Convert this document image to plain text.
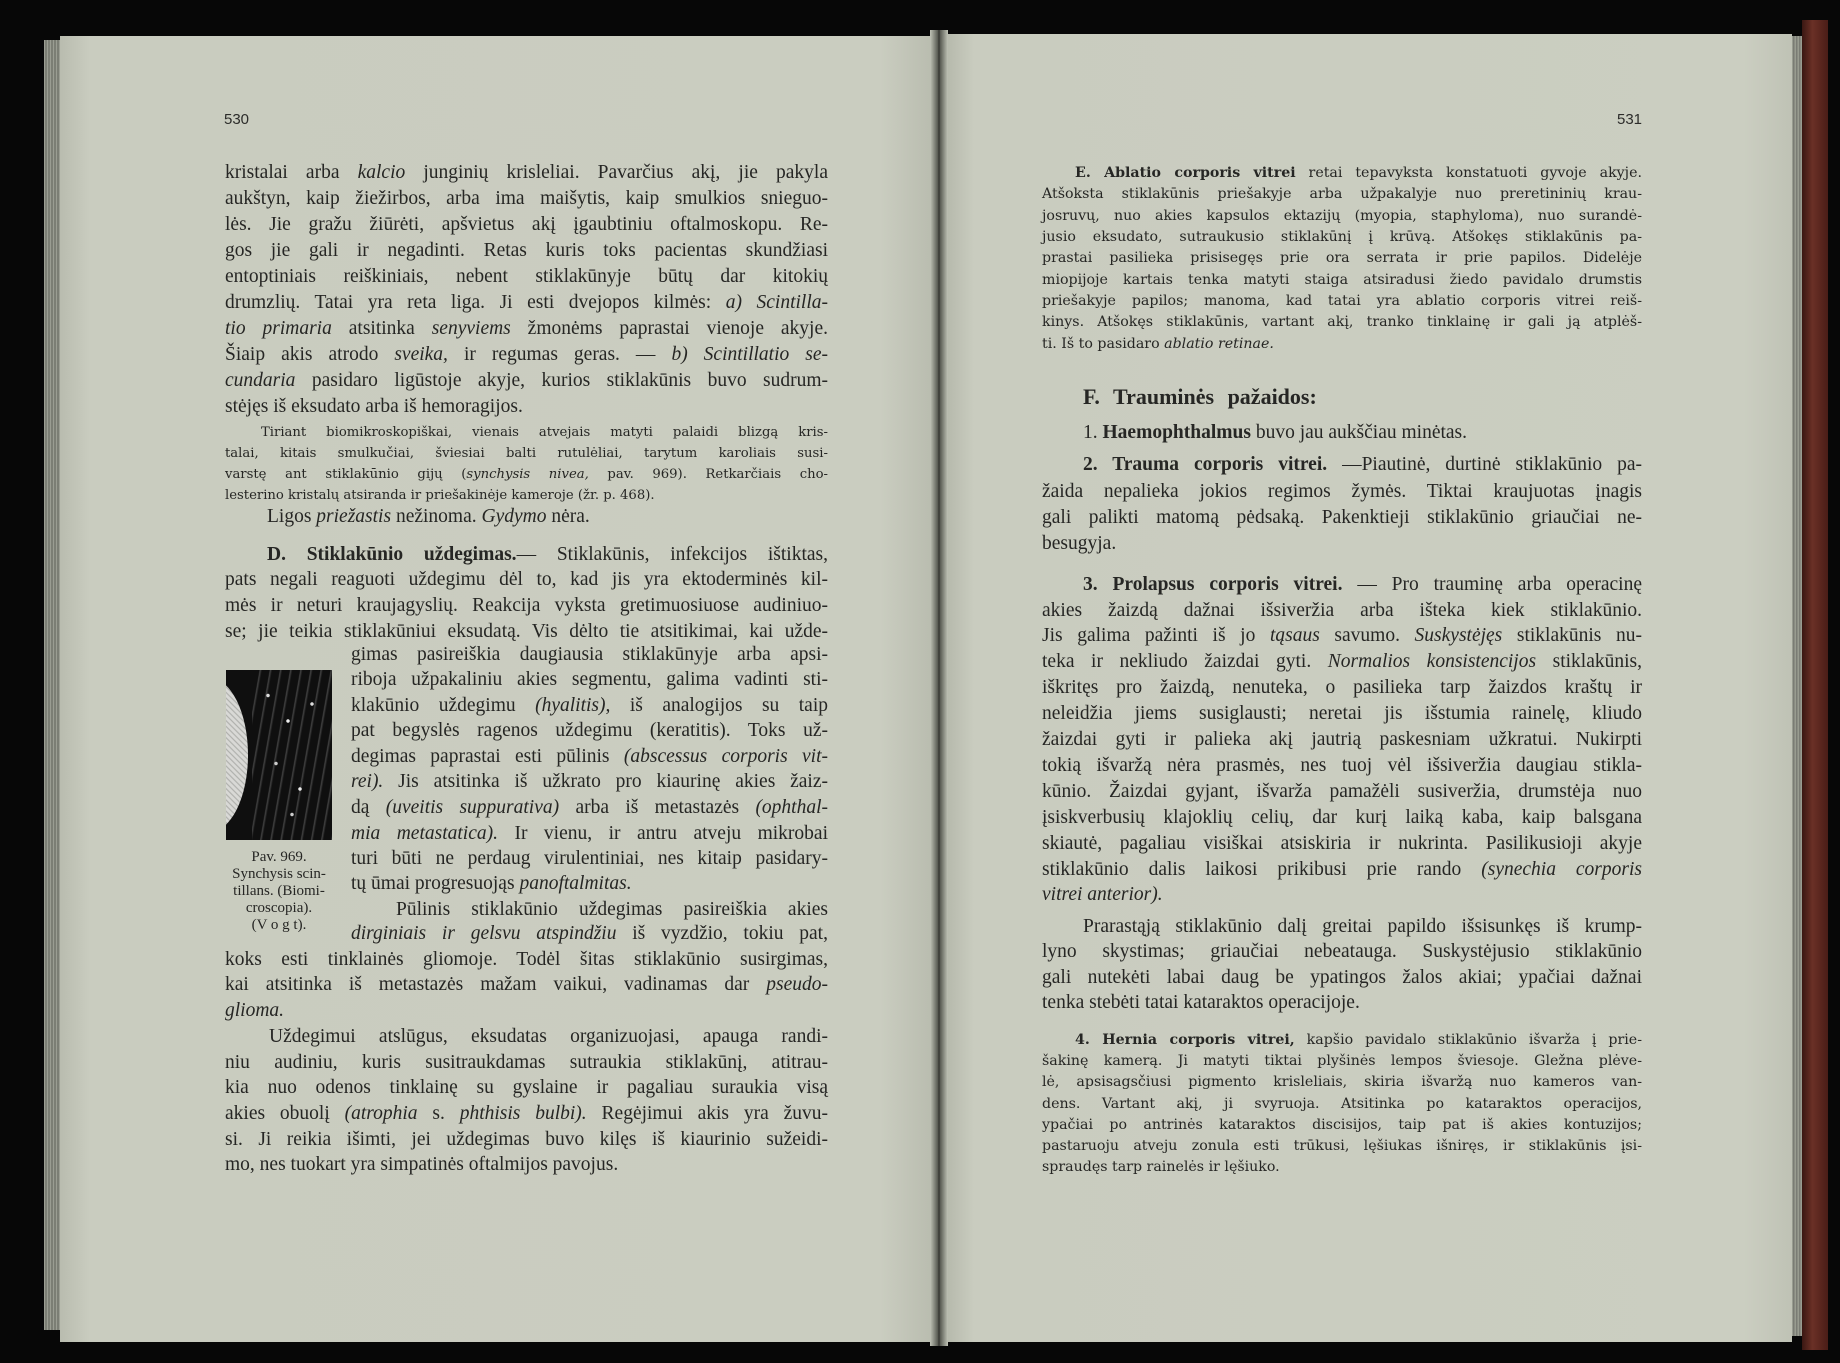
530	531
Pav. 969.
Synchysis scin-
tillans. (Biomi-
croscopia).
(V o g t).
kristalai arba kalcio junginių krisleliai. Pavarčius akį, jie pakyla
aukštyn, kaip žiežirbos, arba ima maišytis, kaip smulkios snieguo-
lės. Jie gražu žiūrėti, apšvietus akį įgaubtiniu oftalmoskopu. Re-
gos jie gali ir negadinti. Retas kuris toks pacientas skundžiasi
entoptiniais reiškiniais, nebent stiklakūnyje būtų dar kitokių
drumzlių. Tatai yra reta liga. Ji esti dvejopos kilmės: a) Scintilla-
tio primaria atsitinka senyviems žmonėms paprastai vienoje akyje.
Šiaip akis atrodo sveika, ir regumas geras. — b) Scintillatio se-
cundaria pasidaro ligūstoje akyje, kurios stiklakūnis buvo sudrum-
stėjęs iš eksudato arba iš hemoragijos.
Tiriant biomikroskopiškai, vienais atvejais matyti palaidi blizgą kris-
talai, kitais smulkučiai, šviesiai balti rutulėliai, tarytum karoliais susi-
varstę ant stiklakūnio gijų (synchysis nivea, pav. 969). Retkarčiais cho-
lesterino kristalų atsiranda ir priešakinėje kameroje (žr. p. 468).
Ligos priežastis nežinoma. Gydymo nėra.
D. Stiklakūnio uždegimas.— Stiklakūnis, infekcijos ištiktas,
pats negali reaguoti uždegimu dėl to, kad jis yra ektoderminės kil-
mės ir neturi kraujagyslių. Reakcija vyksta gretimuosiuose audiniuo-
se; jie teikia stiklakūniui eksudatą. Vis dėlto tie atsitikimai, kai užde-
gimas pasireiškia daugiausia stiklakūnyje arba apsi-
riboja užpakaliniu akies segmentu, galima vadinti sti-
klakūnio uždegimu (hyalitis), iš analogijos su taip
pat begyslės ragenos uždegimu (keratitis). Toks už-
degimas paprastai esti pūlinis (abscessus corporis vit-
rei). Jis atsitinka iš užkrato pro kiaurinę akies žaiz-
dą (uveitis suppurativa) arba iš metastazės (ophthal-
mia metastatica). Ir vienu, ir antru atveju mikrobai
turi būti ne perdaug virulentiniai, nes kitaip pasidary-
tų ūmai progresuojąs panoftalmitas.
Pūlinis stiklakūnio uždegimas pasireiškia akies
dirginiais ir gelsvu atspindžiu iš vyzdžio, tokiu pat,
koks esti tinklainės gliomoje. Todėl šitas stiklakūnio susirgimas,
kai atsitinka iš metastazės mažam vaikui, vadinamas dar pseudo-
glioma.
Uždegimui atslūgus, eksudatas organizuojasi, apauga randi-
niu audiniu, kuris susitraukdamas sutraukia stiklakūnį, atitrau-
kia nuo odenos tinklainę su gyslaine ir pagaliau suraukia visą
akies obuolį (atrophia s. phthisis bulbi). Regėjimui akis yra žuvu-
si. Ji reikia išimti, jei uždegimas buvo kilęs iš kiaurinio sužeidi-
mo, nes tuokart yra simpatinės oftalmijos pavojus.
E. Ablatio corporis vitrei retai tepavyksta konstatuoti gyvoje akyje.
Atšoksta stiklakūnis priešakyje arba užpakalyje nuo preretininių krau-
josruvų, nuo akies kapsulos ektazijų (myopia, staphyloma), nuo surandė-
jusio eksudato, sutraukusio stiklakūnį į krūvą. Atšokęs stiklakūnis pa-
prastai pasilieka prisisegęs prie ora serrata ir prie papilos. Didelėje
miopijoje kartais tenka matyti staiga atsiradusi žiedo pavidalo drumstis
priešakyje papilos; manoma, kad tatai yra ablatio corporis vitrei reiš-
kinys. Atšokęs stiklakūnis, vartant akį, tranko tinklainę ir gali ją atplėš-
ti. Iš to pasidaro ablatio retinae.
F. Trauminės pažaidos:
1. Haemophthalmus buvo jau aukščiau minėtas.
2. Trauma corporis vitrei. —Piautinė, durtinė stiklakūnio pa-
žaida nepalieka jokios regimos žymės. Tiktai kraujuotas įnagis
gali palikti matomą pėdsaką. Pakenktieji stiklakūnio griaučiai ne-
besugyja.
3. Prolapsus corporis vitrei. — Pro trauminę arba operacinę
akies žaizdą dažnai išsiveržia arba išteka kiek stiklakūnio.
Jis galima pažinti iš jo tąsaus savumo. Suskystėjęs stiklakūnis nu-
teka ir nekliudo žaizdai gyti. Normalios konsistencijos stiklakūnis,
iškritęs pro žaizdą, nenuteka, o pasilieka tarp žaizdos kraštų ir
neleidžia jiems susiglausti; neretai jis išstumia rainelę, kliudo
žaizdai gyti ir palieka akį jautrią paskesniam užkratui. Nukirpti
tokią išvaržą nėra prasmės, nes tuoj vėl išsiveržia daugiau stikla-
kūnio. Žaizdai gyjant, išvarža pamažėli susiveržia, drumstėja nuo
įsiskverbusių klajoklių celių, dar kurį laiką kaba, kaip balsgana
skiautė, pagaliau visiškai atsiskiria ir nukrinta. Pasilikusioji akyje
stiklakūnio dalis laikosi prikibusi prie rando (synechia corporis
vitrei anterior).
Prarastąją stiklakūnio dalį greitai papildo išsisunkęs iš krump-
lyno skystimas; griaučiai nebeatauga. Suskystėjusio stiklakūnio
gali nutekėti labai daug be ypatingos žalos akiai; ypačiai dažnai
tenka stebėti tatai kataraktos operacijoje.
4. Hernia corporis vitrei, kapšio pavidalo stiklakūnio išvarža į prie-
šakinę kamerą. Ji matyti tiktai plyšinės lempos šviesoje. Gležna plėve-
lė, apsisagsčiusi pigmento krisleliais, skiria išvaržą nuo kameros van-
dens. Vartant akį, ji svyruoja. Atsitinka po kataraktos operacijos,
ypačiai po antrinės kataraktos discisijos, taip pat iš akies kontuzijos;
pastaruoju atveju zonula esti trūkusi, lęšiukas išniręs, ir stiklakūnis įsi-
spraudęs tarp rainelės ir lęšiuko.
